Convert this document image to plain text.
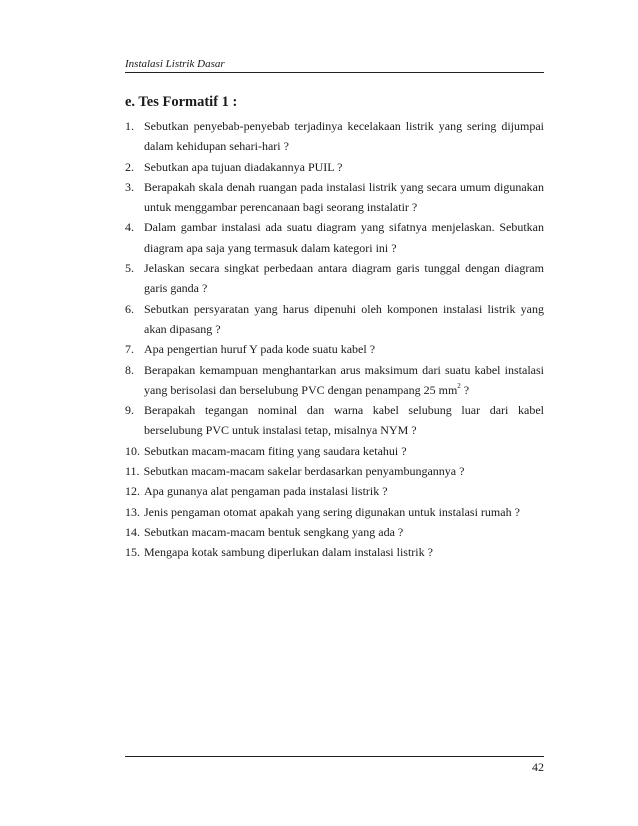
Instalasi Listrik Dasar
e. Tes Formatif 1 :
1. Sebutkan penyebab-penyebab terjadinya kecelakaan listrik yang sering dijumpai dalam kehidupan sehari-hari ?
2. Sebutkan apa tujuan diadakannya PUIL ?
3. Berapakah skala denah ruangan pada instalasi listrik yang secara umum digunakan untuk menggambar perencanaan bagi seorang instalatir ?
4. Dalam gambar instalasi ada suatu diagram yang sifatnya menjelaskan. Sebutkan diagram apa saja yang termasuk dalam kategori ini ?
5. Jelaskan secara singkat perbedaan antara diagram garis tunggal dengan diagram garis ganda ?
6. Sebutkan persyaratan yang harus dipenuhi oleh komponen instalasi listrik yang akan dipasang ?
7. Apa pengertian huruf Y pada kode suatu kabel ?
8. Berapakan kemampuan menghantarkan arus maksimum dari suatu kabel instalasi yang berisolasi dan berselubung PVC dengan penampang 25 $mm^2$ ?
9. Berapakah tegangan nominal dan warna kabel selubung luar dari kabel berselubung PVC untuk instalasi tetap, misalnya NYM ?
10. Sebutkan macam-macam fiting yang saudara ketahui ?
11. Sebutkan macam-macam sakelar berdasarkan penyambungannya ?
12. Apa gunanya alat pengaman pada instalasi listrik ?
13. Jenis pengaman otomat apakah yang sering digunakan untuk instalasi rumah ?
14. Sebutkan macam-macam bentuk sengkang yang ada ?
15. Mengapa kotak sambung diperlukan dalam instalasi listrik ?
42
